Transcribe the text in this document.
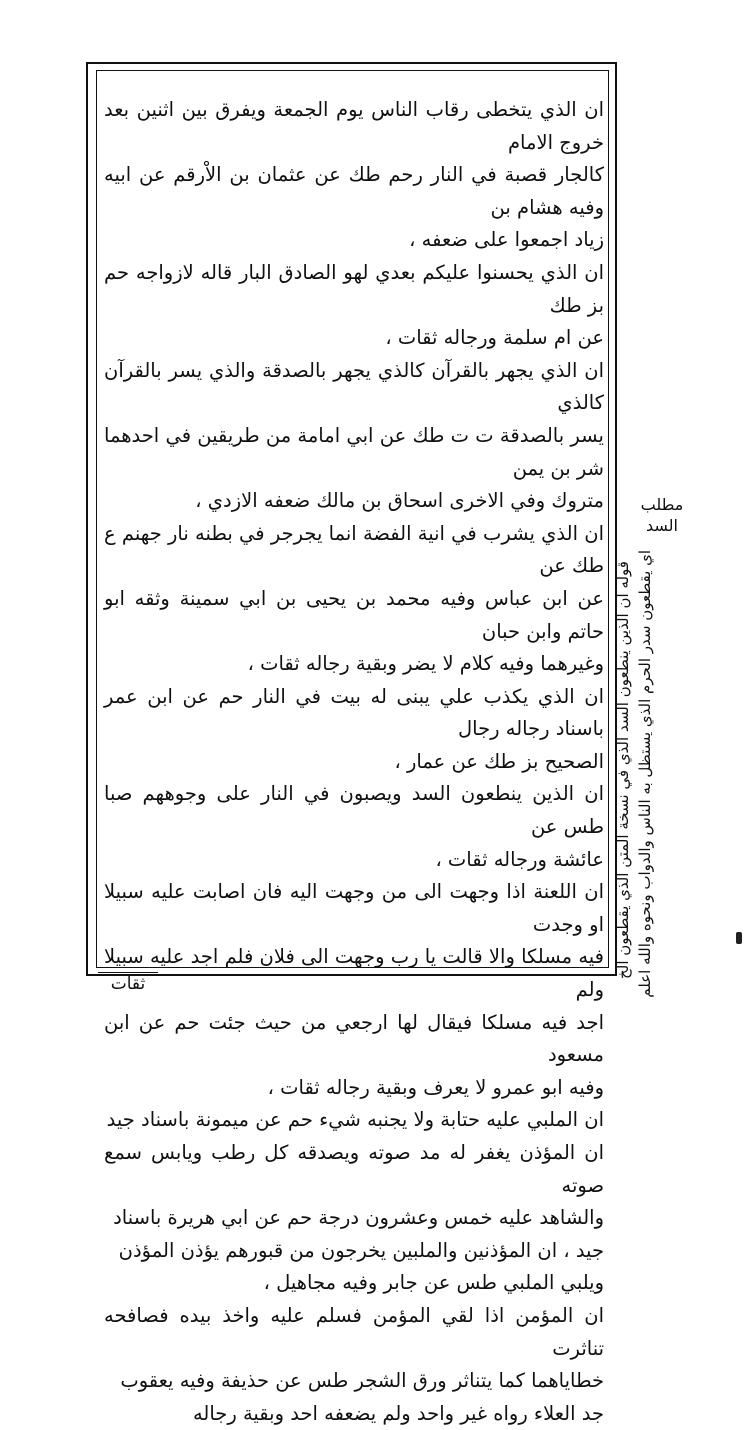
ان الذي يتخطى رقاب الناس يوم الجمعة ويفرق بين اثنين بعد خروج الامام

كالجار قصبة في النار رحم طك عن عثمان بن الاْرقم عن ابيه وفيه هشام بن

زياد اجمعوا على ضعفه ،

ان الذي يحسنوا عليكم بعدي لهو الصادق البار قاله لازواجه حم بز طك

عن ام سلمة ورجاله ثقات ،

ان الذي يجهر بالقرآن كالذي يجهر بالصدقة والذي يسر بالقرآن كالذي

يسر بالصدقة ت ت طك عن ابي امامة من طريقين في احدهما شر بن يمن

متروك وفي الاخرى اسحاق بن مالك ضعفه الازدي ،

ان الذي يشرب في انية الفضة انما يجرجر في بطنه نار جهنم ع طك عن

عن ابن عباس وفيه محمد بن يحيى بن ابي سمينة وثقه ابو حاتم وابن حبان

وغيرهما وفيه كلام لا يضر وبقية رجاله ثقات ،

ان الذي يكذب علي يبنى له بيت في النار حم عن ابن عمر باسناد رجاله رجال

الصحيح بز طك عن عمار ،

ان الذين ينطعون السد ويصبون في النار على وجوههم صبا طس عن

عائشة ورجاله ثقات ،

ان اللعنة اذا وجهت الى من وجهت اليه فان اصابت عليه سبيلا او وجدت

فيه مسلكا والا قالت يا رب وجهت الى فلان فلم اجد عليه سبيلا ولم

اجد فيه مسلكا فيقال لها ارجعي من حيث جئت حم عن ابن مسعود

وفيه ابو عمرو لا يعرف وبقية رجاله ثقات ،

ان الملبي عليه حتابة ولا يجنبه شيء حم عن ميمونة باسناد جيد

ان المؤذن يغفر له مد صوته ويصدقه كل رطب ويابس سمع صوته

والشاهد عليه خمس وعشرون درجة حم عن ابي هريرة باسناد

جيد ، ان المؤذنين والملبين يخرجون من قبورهم يؤذن المؤذن

ويلبي الملبي طس عن جابر وفيه مجاهيل ،

ان المؤمن اذا لقي المؤمن فسلم عليه واخذ بيده فصافحه تناثرت

خطاياهما كما يتناثر ورق الشجر طس عن حذيفة وفيه يعقوب

جد العلاء رواه غير واحد ولم يضعفه احد وبقية رجاله

ثقات
مطلب
السد
قوله ان الذين ينطعون السد الذي في نسخة المتن الذي يقطعون الخ اي يقطعون سدر الحرم الذي يستظل به الناس والدواب ونحوه والله اعلم
